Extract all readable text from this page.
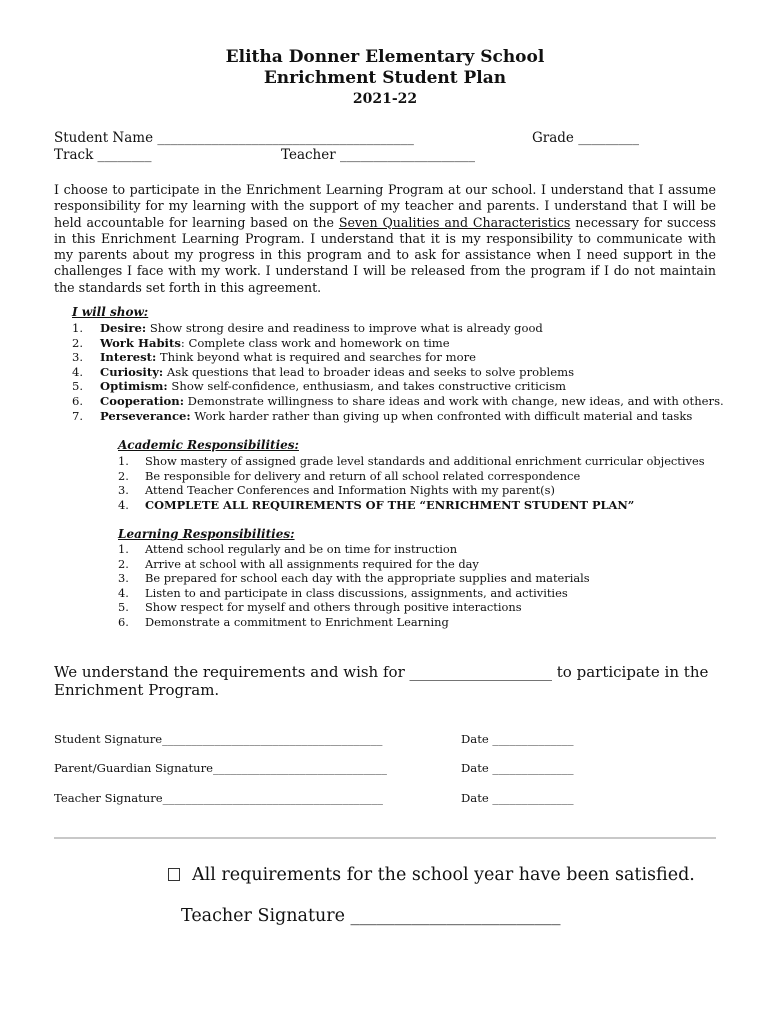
Elitha Donner Elementary School
Enrichment Student Plan
2021-22
Student Name ______________________________________	Grade _________
Track ________	Teacher ____________________
I choose to participate in the Enrichment Learning Program at our school. I understand that I assume responsibility for my learning with the support of my teacher and parents. I understand that I will be held accountable for learning based on the Seven Qualities and Characteristics necessary for success in this Enrichment Learning Program. I understand that it is my responsibility to communicate with my parents about my progress in this program and to ask for assistance when I need support in the challenges I face with my work. I understand I will be released from the program if I do not maintain the standards set forth in this agreement.
I will show:
1. Desire: Show strong desire and readiness to improve what is already good
2. Work Habits: Complete class work and homework on time
3. Interest: Think beyond what is required and searches for more
4. Curiosity: Ask questions that lead to broader ideas and seeks to solve problems
5. Optimism: Show self-confidence, enthusiasm, and takes constructive criticism
6. Cooperation: Demonstrate willingness to share ideas and work with change, new ideas, and with others.
7. Perseverance: Work harder rather than giving up when confronted with difficult material and tasks
Academic Responsibilities:
1. Show mastery of assigned grade level standards and additional enrichment curricular objectives
2. Be responsible for delivery and return of all school related correspondence
3. Attend Teacher Conferences and Information Nights with my parent(s)
4. COMPLETE ALL REQUIREMENTS OF THE “ENRICHMENT STUDENT PLAN”
Learning Responsibilities:
1. Attend school regularly and be on time for instruction
2. Arrive at school with all assignments required for the day
3. Be prepared for school each day with the appropriate supplies and materials
4. Listen to and participate in class discussions, assignments, and activities
5. Show respect for myself and others through positive interactions
6. Demonstrate a commitment to Enrichment Learning
We understand the requirements and wish for ___________________ to participate in the
Enrichment Program.
Student Signature______________________________________	Date ______________
Parent/Guardian Signature______________________________	Date ______________
Teacher Signature______________________________________	Date ______________
All requirements for the school year have been satisfied.
Teacher Signature ________________________
